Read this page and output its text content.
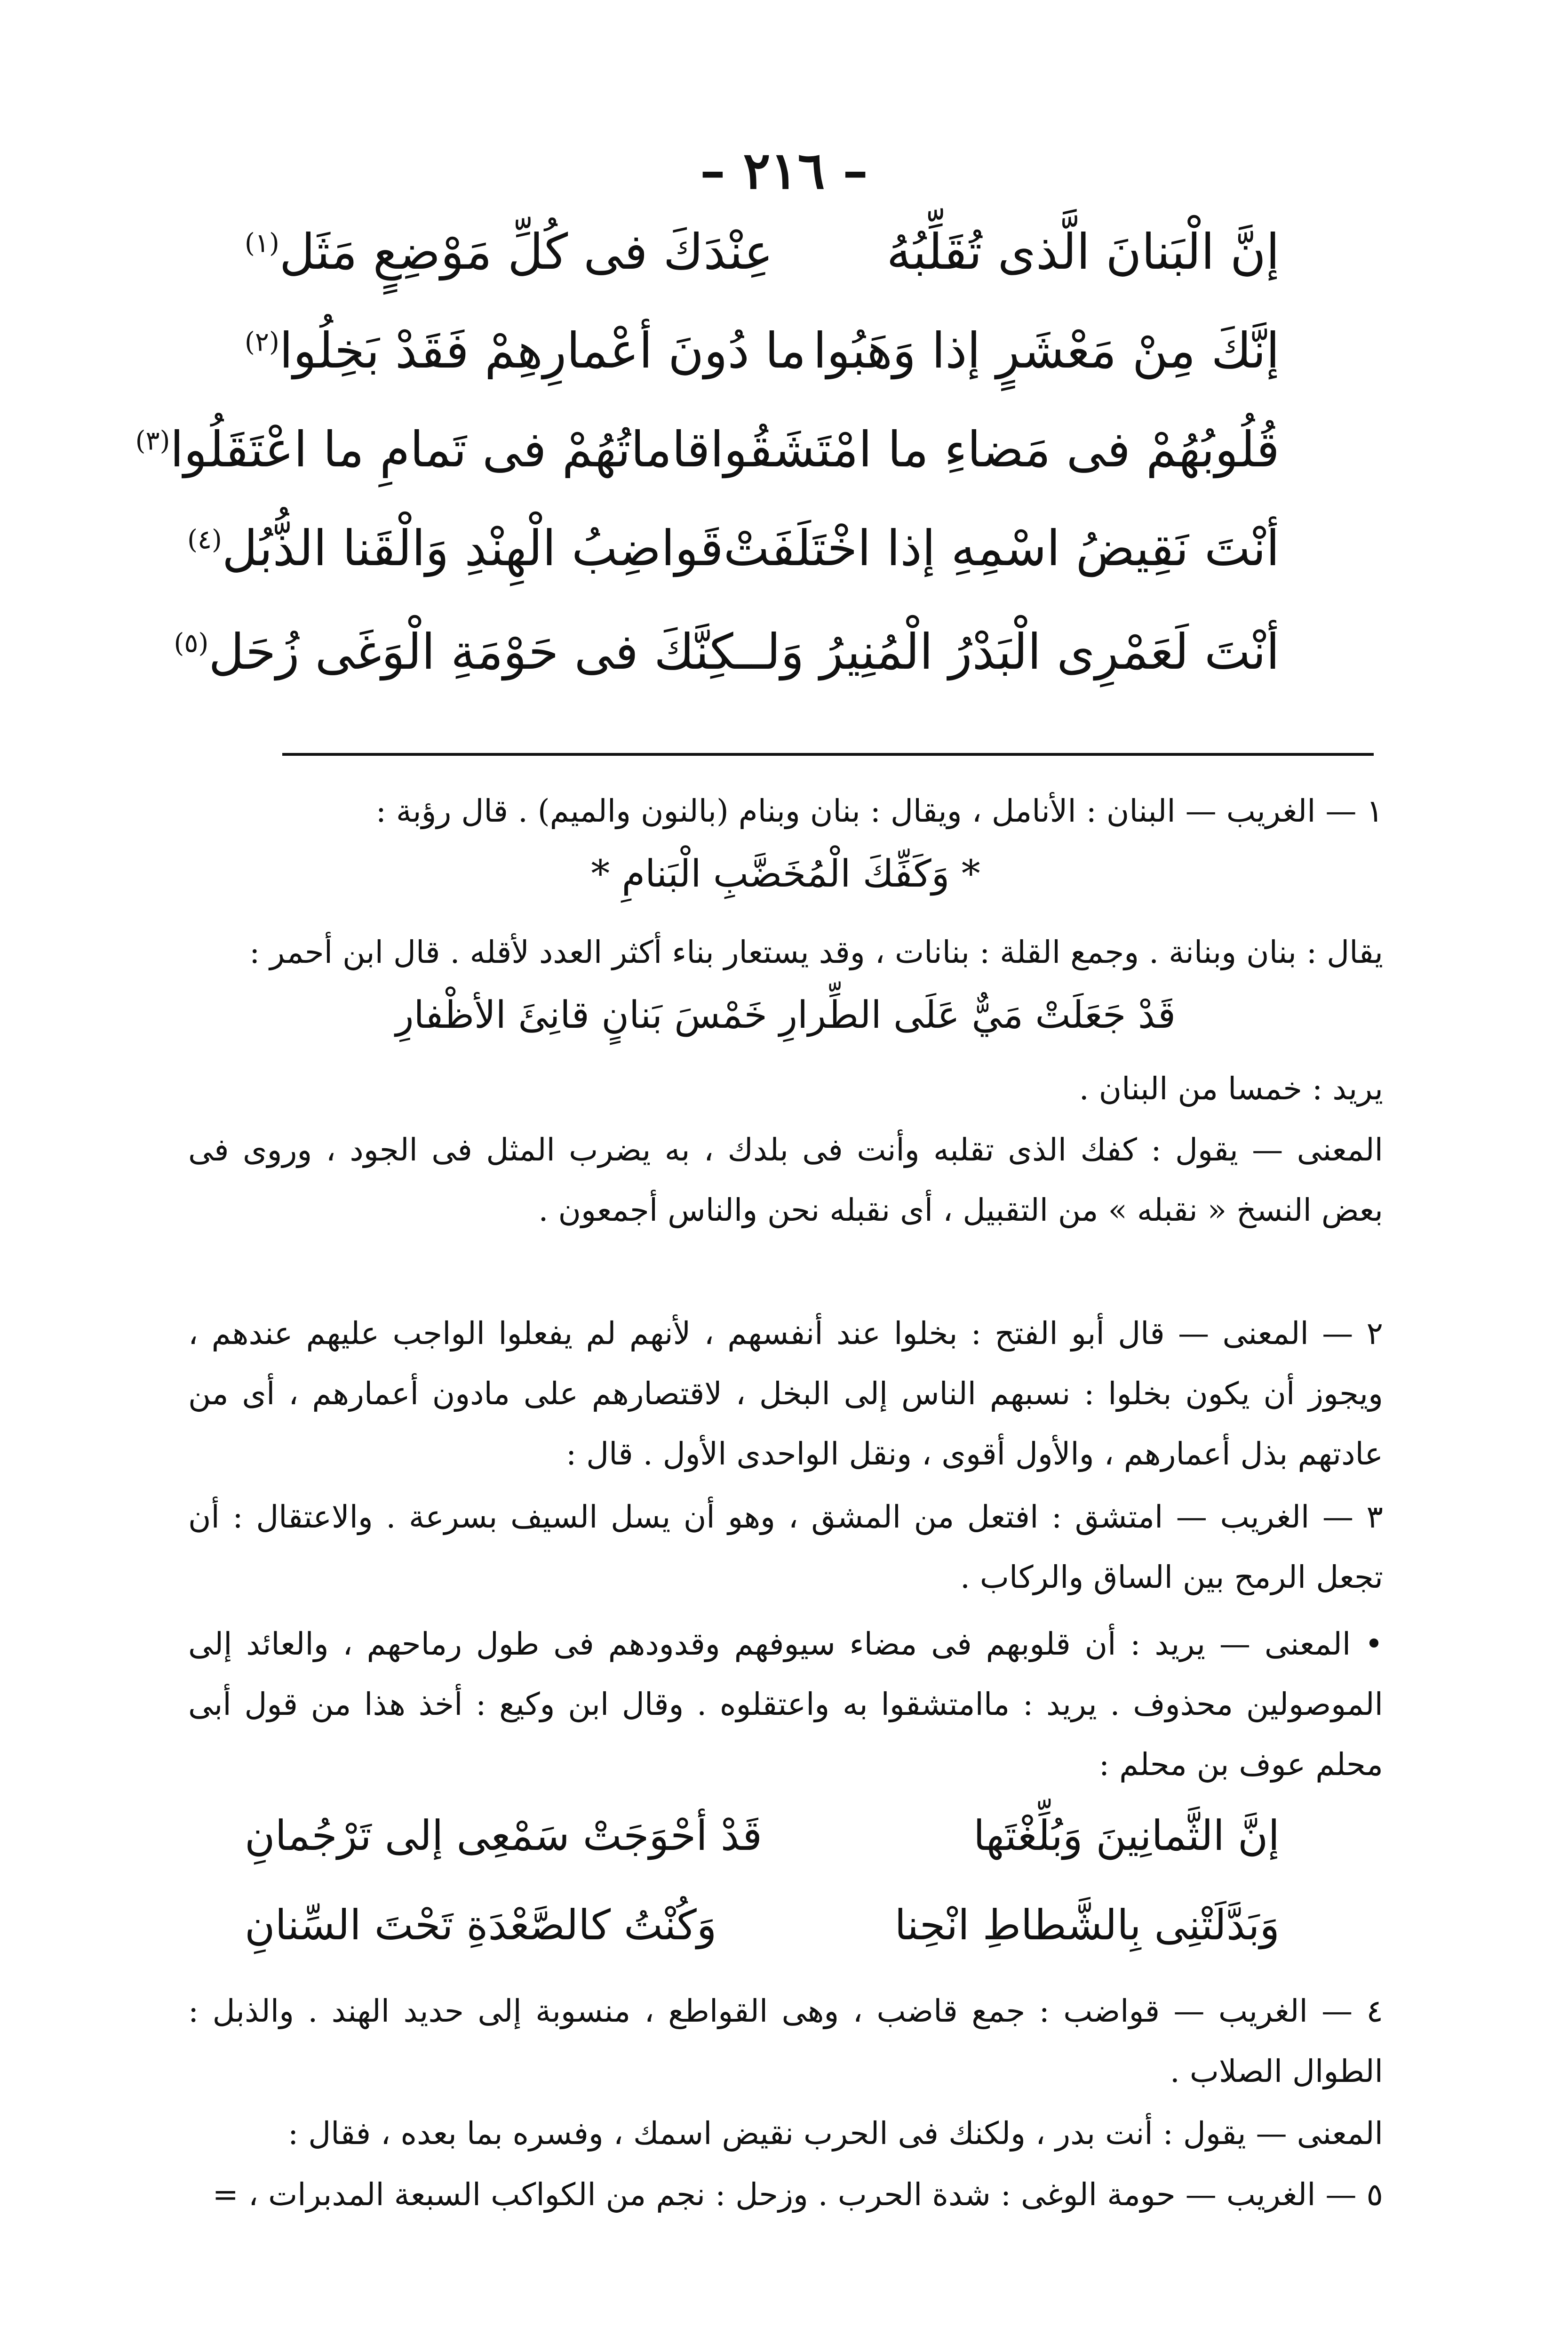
– ٢١٦ –
إنَّ الْبَنانَ الَّذى تُقَلِّبُهُ
عِنْدَكَ فى كُلِّ مَوْضِعٍ مَثَل$^{(١)}$
إنَّكَ مِنْ مَعْشَرٍ إذا وَهَبُوا
ما دُونَ أعْمارِهِمْ فَقَدْ بَخِلُوا$^{(٢)}$
قُلُوبُهُمْ فى مَضاءِ ما امْتَشَقُوا
قاماتُهُمْ فى تَمامِ ما اعْتَقَلُوا$^{(٣)}$
أنْتَ نَقِيضُ اسْمِهِ إذا اخْتَلَفَتْ
قَواضِبُ الْهِنْدِ وَالْقَنا الذُّبُل$^{(٤)}$
أنْتَ لَعَمْرِى الْبَدْرُ الْمُنِيرُ وَلـ
ـكِنَّكَ فى حَوْمَةِ الْوَغَى زُحَل$^{(٥)}$
١ — الغريب — البنان : الأنامل ، ويقال : بنان وبنام (بالنون والميم) . قال رؤبة :
* وَكَفِّكَ الْمُخَضَّبِ الْبَنامِ *
يقال : بنان وبنانة . وجمع القلة : بنانات ، وقد يستعار بناء أكثر العدد لأقله . قال ابن أحمر :
قَدْ جَعَلَتْ مَيٌّ عَلَى الطِّرارِ خَمْسَ بَنانٍ قانِئَ الأظْفارِ
يريد : خمسا من البنان .
المعنى — يقول : كفك الذى تقلبه وأنت فى بلدك ، به يضرب المثل فى الجود ، وروى فى بعض النسخ « نقبله » من التقبيل ، أى نقبله نحن والناس أجمعون .
٢ — المعنى — قال أبو الفتح : بخلوا عند أنفسهم ، لأنهم لم يفعلوا الواجب عليهم عندهم ، ويجوز أن يكون بخلوا : نسبهم الناس إلى البخل ، لاقتصارهم على مادون أعمارهم ، أى من عادتهم بذل أعمارهم ، والأول أقوى ، ونقل الواحدى الأول . قال :
٣ — الغريب — امتشق : افتعل من المشق ، وهو أن يسل السيف بسرعة . والاعتقال : أن تجعل الرمح بين الساق والركاب .
• المعنى — يريد : أن قلوبهم فى مضاء سيوفهم وقدودهم فى طول رماحهم ، والعائد إلى الموصولين محذوف . يريد : ماامتشقوا به واعتقلوه . وقال ابن وكيع : أخذ هذا من قول أبى محلم عوف بن محلم :
إنَّ الثَّمانِينَ وَبُلِّغْتَها
قَدْ أحْوَجَتْ سَمْعِى إلى تَرْجُمانِ
وَبَدَّلَتْنِى بِالشَّطاطِ انْحِنا
وَكُنْتُ كالصَّعْدَةِ تَحْتَ السِّنانِ
٤ — الغريب — قواضب : جمع قاضب ، وهى القواطع ، منسوبة إلى حديد الهند . والذبل : الطوال الصلاب .
المعنى — يقول : أنت بدر ، ولكنك فى الحرب نقيض اسمك ، وفسره بما بعده ، فقال :
٥ — الغريب — حومة الوغى : شدة الحرب . وزحل : نجم من الكواكب السبعة المدبرات ، =
